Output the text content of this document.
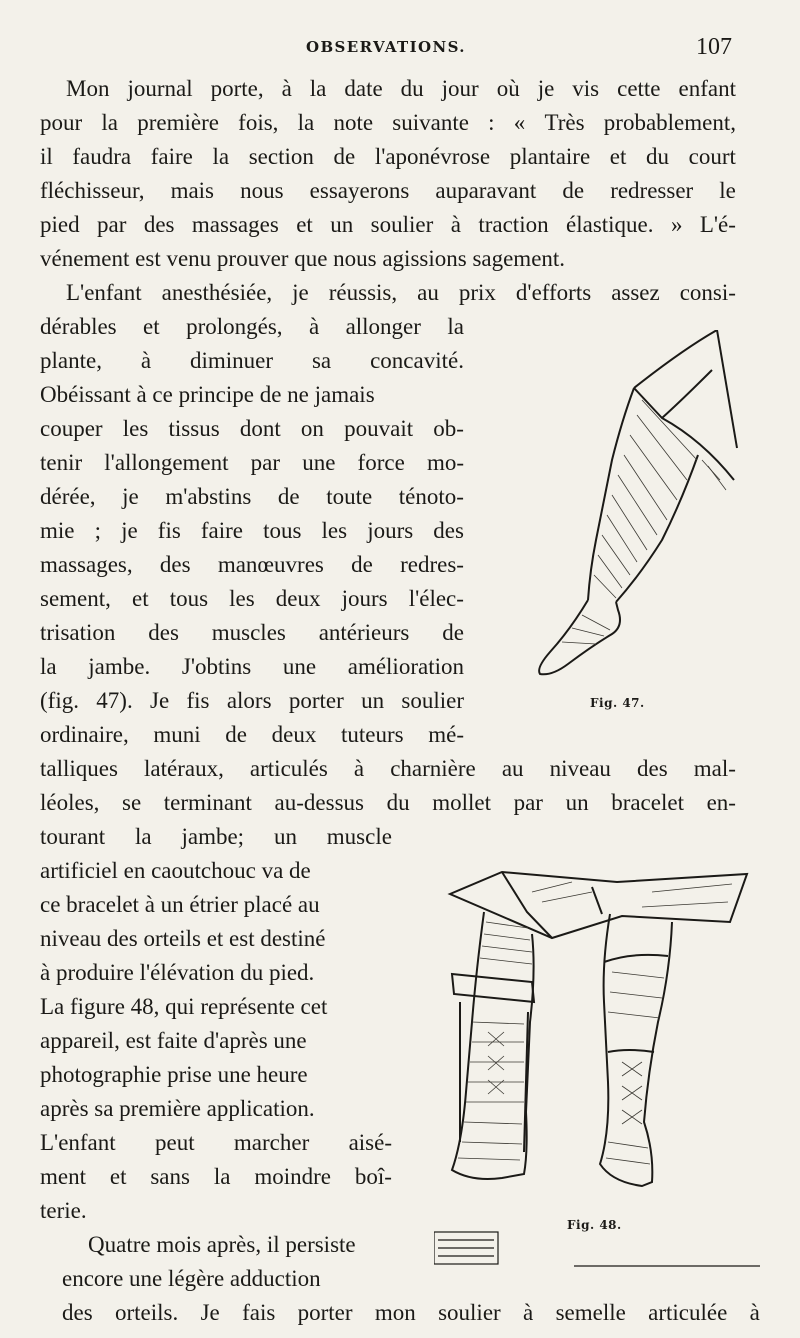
OBSERVATIONS.	107
Mon journal porte, à la date du jour où je vis cette enfant
pour la première fois, la note suivante : « Très probablement,
il faudra faire la section de l'aponévrose plantaire et du court
fléchisseur, mais nous essayerons auparavant de redresser le
pied par des massages et un soulier à traction élastique. » L'é-
vénement est venu prouver que nous agissions sagement.
L'enfant anesthésiée, je réussis, au prix d'efforts assez consi-
dérables et prolongés, à allonger la
plante, à diminuer sa concavité.
Obéissant à ce principe de ne jamais
couper les tissus dont on pouvait ob-
tenir l'allongement par une force mo-
dérée, je m'abstins de toute ténoto-
mie ; je fis faire tous les jours des
massages, des manœuvres de redres-
sement, et tous les deux jours l'élec-
trisation des muscles antérieurs de
la jambe. J'obtins une amélioration
(fig. 47). Je fis alors porter un soulier
ordinaire, muni de deux tuteurs mé-
talliques latéraux, articulés à charnière au niveau des mal-
léoles, se terminant au-dessus du mollet par un bracelet en-
tourant la jambe; un muscle
artificiel en caoutchouc va de
ce bracelet à un étrier placé au
niveau des orteils et est destiné
à produire l'élévation du pied.
La figure 48, qui représente cet
appareil, est faite d'après une
photographie prise une heure
après sa première application.
L'enfant peut marcher aisé-
ment et sans la moindre boî-
terie.
Quatre mois après, il persiste
encore une légère adduction
des orteils. Je fais porter mon soulier à semelle articulée à
Fig. 47.
Fig. 48.
